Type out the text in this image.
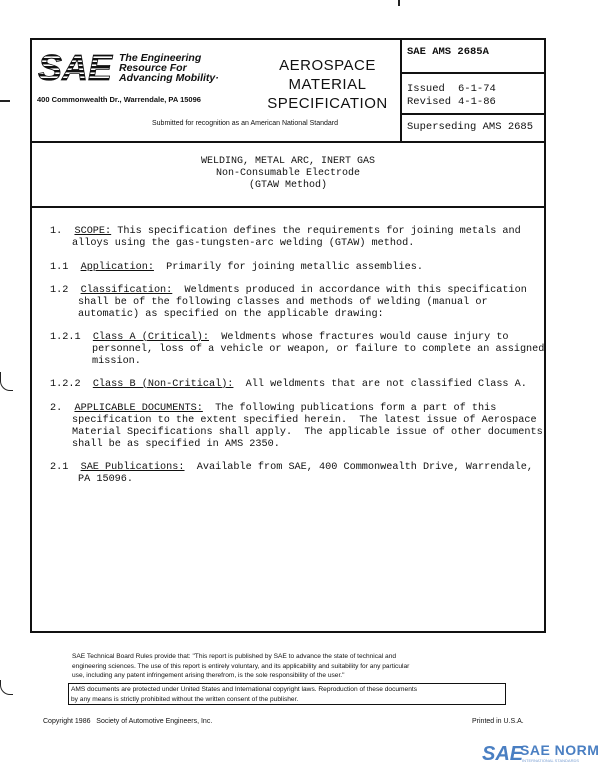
SAE The Engineering
Resource For
Advancing Mobility·
400 Commonwealth Dr., Warrendale, PA 15096
AEROSPACE
MATERIAL
SPECIFICATION
Submitted for recognition as an American National Standard
SAE AMS 2685A
Issued 6-1-74
Revised 4-1-86
Superseding AMS 2685
WELDING, METAL ARC, INERT GAS
Non-Consumable Electrode
(GTAW Method)
1. SCOPE: This specification defines the requirements for joining metals and
alloys using the gas-tungsten-arc welding (GTAW) method.
1.1 Application:  Primarily for joining metallic assemblies.
1.2 Classification:  Weldments produced in accordance with this specification
shall be of the following classes and methods of welding (manual or
automatic) as specified on the applicable drawing:
1.2.1 Class A (Critical):  Weldments whose fractures would cause injury to
personnel, loss of a vehicle or weapon, or failure to complete an assigned
mission.
1.2.2 Class B (Non-Critical):  All weldments that are not classified Class A.
2. APPLICABLE DOCUMENTS:  The following publications form a part of this
specification to the extent specified herein.  The latest issue of Aerospace
Material Specifications shall apply.  The applicable issue of other documents
shall be as specified in AMS 2350.
2.1 SAE Publications:  Available from SAE, 400 Commonwealth Drive, Warrendale,
PA 15096.
SAE Technical Board Rules provide that: "This report is published by SAE to advance the state of technical and
engineering sciences. The use of this report is entirely voluntary, and its applicability and suitability for any particular
use, including any patent infringement arising therefrom, is the sole responsibility of the user."
AMS documents are protected under United States and International copyright laws. Reproduction of these documents
by any means is strictly prohibited without the written consent of the publisher.
Copyright 1986   Society of Automotive Engineers, Inc.	Printed in U.S.A.
SAE
SAE NORM
INTERNATIONAL STANDARDS
